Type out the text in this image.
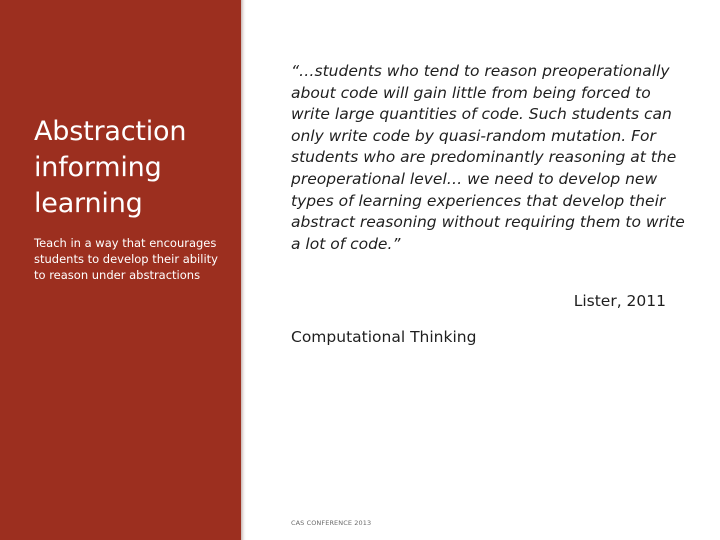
Abstraction informing learning

Teach in a way that encourages students to develop their ability to reason under abstractions

“…students who tend to reason preoperationally about code will gain little from being forced to write large quantities of code. Such students can only write code by quasi-random mutation. For students who are predominantly reasoning at the preoperational level… we need to develop new types of learning experiences that develop their abstract reasoning without requiring them to write a lot of code.”

Lister, 2011

Computational Thinking

CAS CONFERENCE 2013
